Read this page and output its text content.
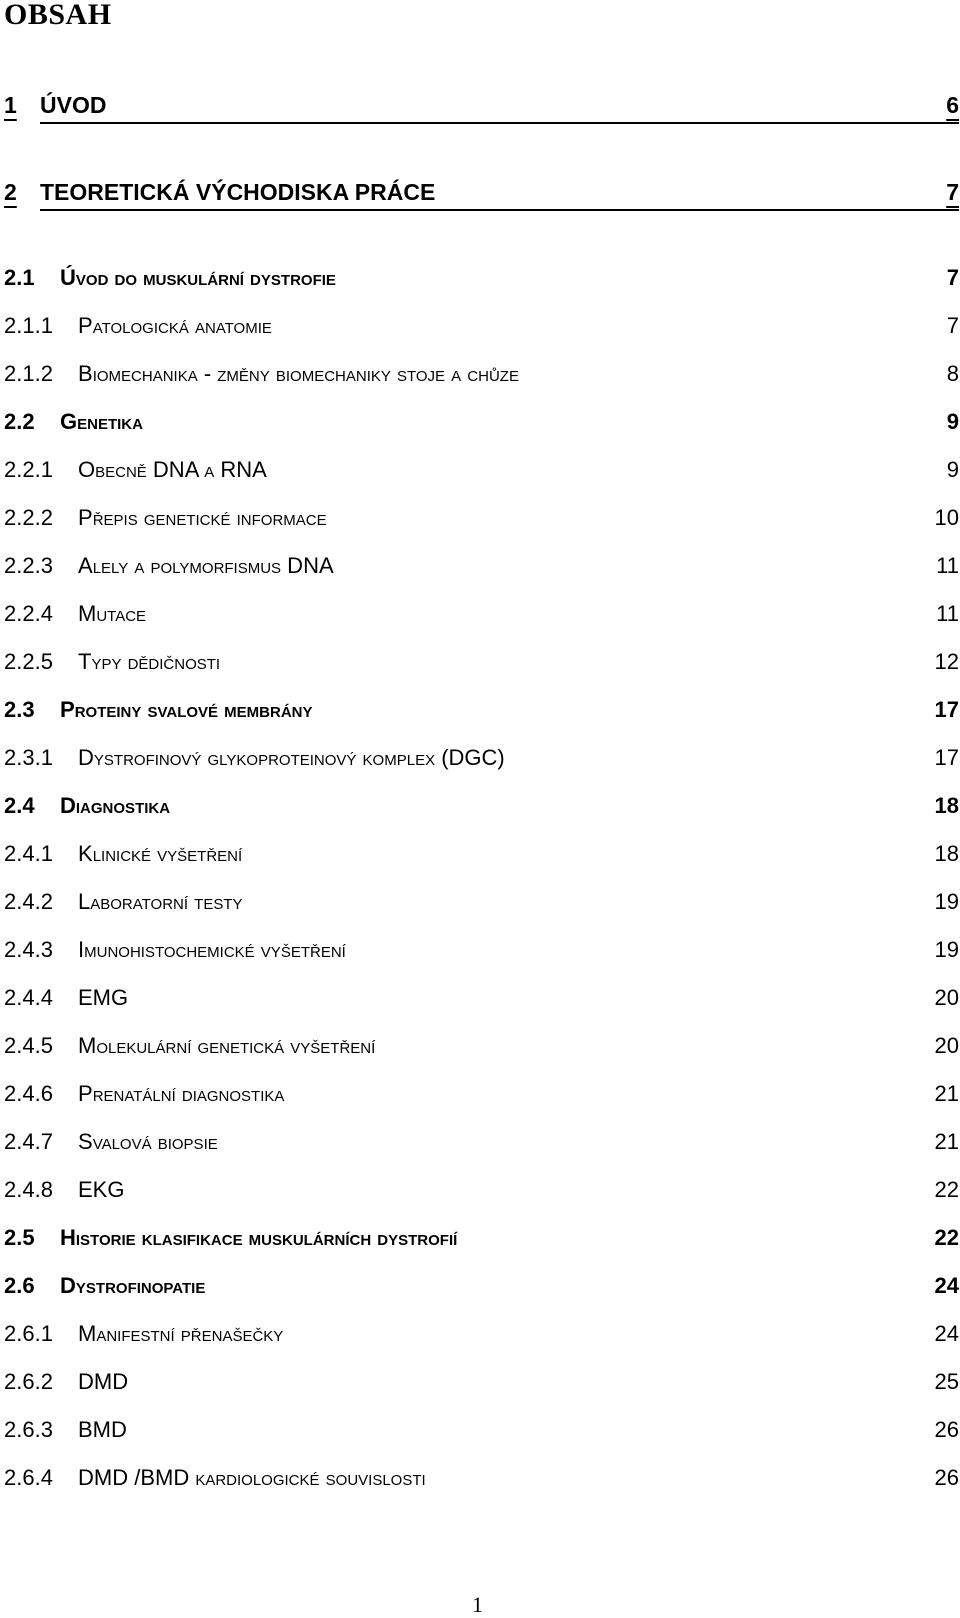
OBSAH
1 ÚVOD	6
2 TEORETICKÁ VÝCHODISKA PRÁCE	7
2.1 Úvod do muskulární dystrofie	7
2.1.1 Patologická anatomie	7
2.1.2 Biomechanika - změny biomechaniky stoje a chůze	8
2.2 Genetika	9
2.2.1 Obecně DNA a RNA	9
2.2.2 Přepis genetické informace	10
2.2.3 Alely a polymorfismus DNA	11
2.2.4 Mutace	11
2.2.5 Typy dědičnosti	12
2.3 Proteiny svalové membrány	17
2.3.1 Dystrofinový glykoproteinový komplex (DGC)	17
2.4 Diagnostika	18
2.4.1 Klinické vyšetření	18
2.4.2 Laboratorní testy	19
2.4.3 Imunohistochemické vyšetření	19
2.4.4 EMG	20
2.4.5 Molekulární genetická vyšetření	20
2.4.6 Prenatální diagnostika	21
2.4.7 Svalová biopsie	21
2.4.8 EKG	22
2.5 Historie klasifikace muskulárních dystrofií	22
2.6 Dystrofinopatie	24
2.6.1 Manifestní přenašečky	24
2.6.2 DMD	25
2.6.3 BMD	26
2.6.4 DMD /BMD kardiologické souvislosti	26
1
